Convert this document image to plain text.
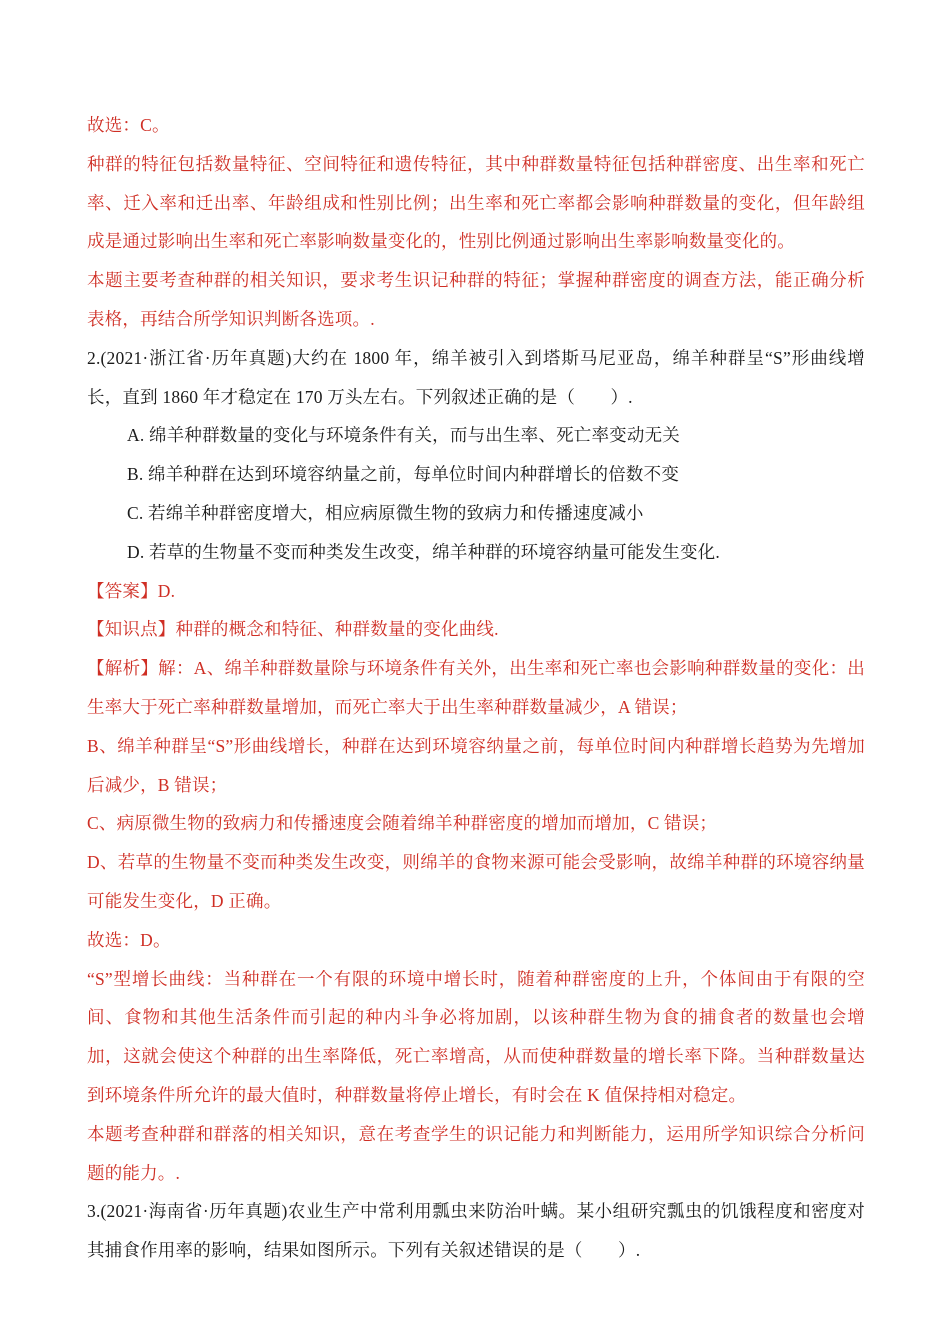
故选：C。

种群的特征包括数量特征、空间特征和遗传特征，其中种群数量特征包括种群密度、出生率和死亡率、迁入率和迁出率、年龄组成和性别比例；出生率和死亡率都会影响种群数量的变化，但年龄组成是通过影响出生率和死亡率影响数量变化的，性别比例通过影响出生率影响数量变化的。

本题主要考查种群的相关知识，要求考生识记种群的特征；掌握种群密度的调查方法，能正确分析表格，再结合所学知识判断各选项。.

2.(2021·浙江省·历年真题)大约在 1800 年，绵羊被引入到塔斯马尼亚岛，绵羊种群呈“S”形曲线增长，直到 1860 年才稳定在 170 万头左右。下列叙述正确的是（　　）.

A. 绵羊种群数量的变化与环境条件有关，而与出生率、死亡率变动无关

B. 绵羊种群在达到环境容纳量之前，每单位时间内种群增长的倍数不变

C. 若绵羊种群密度增大，相应病原微生物的致病力和传播速度减小

D. 若草的生物量不变而种类发生改变，绵羊种群的环境容纳量可能发生变化.

【答案】D.

【知识点】种群的概念和特征、种群数量的变化曲线.

【解析】解：A、绵羊种群数量除与环境条件有关外，出生率和死亡率也会影响种群数量的变化：出生率大于死亡率种群数量增加，而死亡率大于出生率种群数量减少，A 错误；

B、绵羊种群呈“S”形曲线增长，种群在达到环境容纳量之前，每单位时间内种群增长趋势为先增加后减少，B 错误；

C、病原微生物的致病力和传播速度会随着绵羊种群密度的增加而增加，C 错误；

D、若草的生物量不变而种类发生改变，则绵羊的食物来源可能会受影响，故绵羊种群的环境容纳量可能发生变化，D 正确。

故选：D。

“S”型增长曲线：当种群在一个有限的环境中增长时，随着种群密度的上升，个体间由于有限的空间、食物和其他生活条件而引起的种内斗争必将加剧，以该种群生物为食的捕食者的数量也会增加，这就会使这个种群的出生率降低，死亡率增高，从而使种群数量的增长率下降。当种群数量达到环境条件所允许的最大值时，种群数量将停止增长，有时会在 K 值保持相对稳定。

本题考查种群和群落的相关知识，意在考查学生的识记能力和判断能力，运用所学知识综合分析问题的能力。.

3.(2021·海南省·历年真题)农业生产中常利用瓢虫来防治叶螨。某小组研究瓢虫的饥饿程度和密度对其捕食作用率的影响，结果如图所示。下列有关叙述错误的是（　　）.
